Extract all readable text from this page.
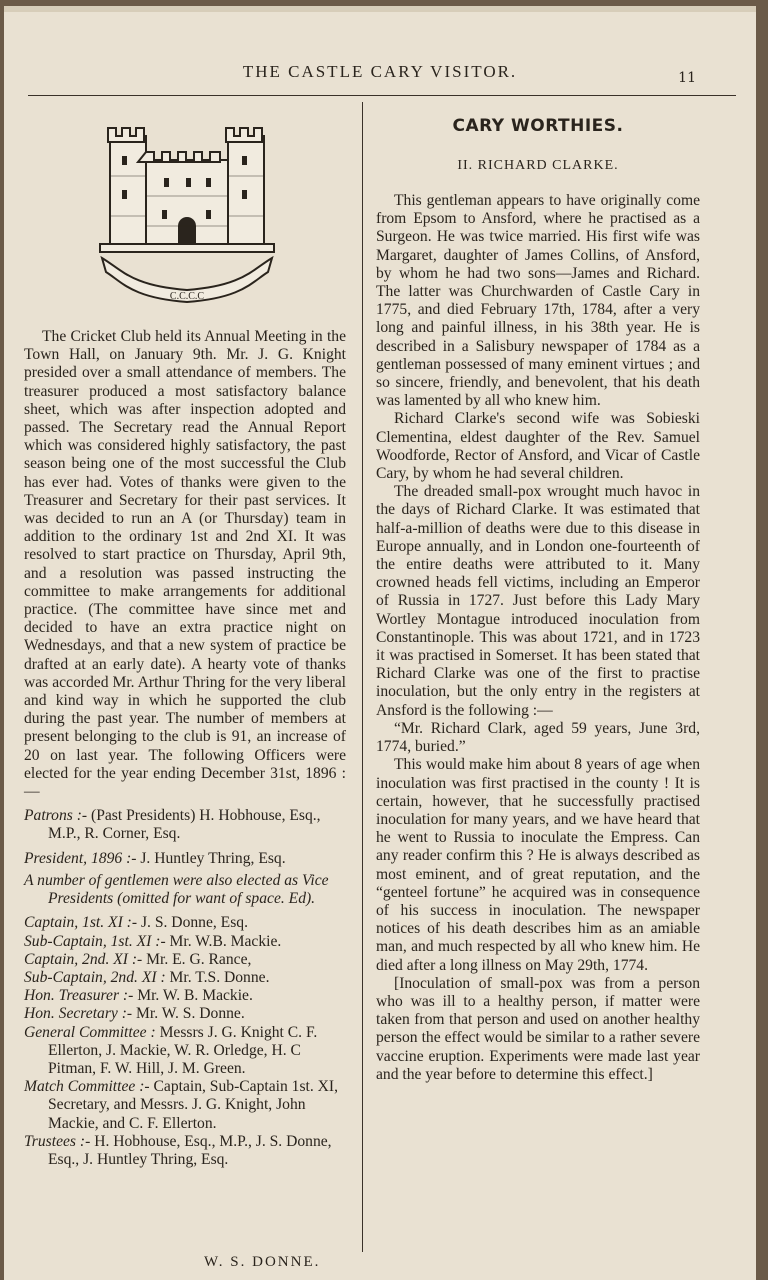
THE CASTLE CARY VISITOR.	11
C.C.C.C

The Cricket Club held its Annual Meeting in the Town Hall, on January 9th. Mr. J. G. Knight presided over a small attendance of members. The treasurer produced a most satisfactory balance sheet, which was after inspection adopted and passed. The Secretary read the Annual Report which was considered highly satisfactory, the past season being one of the most successful the Club has ever had. Votes of thanks were given to the Treasurer and Secretary for their past services. It was decided to run an A (or Thursday) team in addition to the ordinary 1st and 2nd XI. It was resolved to start practice on Thursday, April 9th, and a resolution was passed instructing the committee to make arrangements for additional practice. (The committee have since met and decided to have an extra practice night on Wednesdays, and that a new system of practice be drafted at an early date). A hearty vote of thanks was accorded Mr. Arthur Thring for the very liberal and kind way in which he supported the club during the past year. The number of members at present belonging to the club is 91, an increase of 20 on last year. The following Officers were elected for the year ending December 31st, 1896 :—

Patrons :- (Past Presidents) H. Hobhouse, Esq., M.P., R. Corner, Esq.
President, 1896 :- J. Huntley Thring, Esq.
A number of gentlemen were also elected as Vice Presidents (omitted for want of space. Ed).
Captain, 1st. XI :- J. S. Donne, Esq.
Sub-Captain, 1st. XI :- Mr. W.B. Mackie.
Captain, 2nd. XI :- Mr. E. G. Rance,
Sub-Captain, 2nd. XI : Mr. T.S. Donne.
Hon. Treasurer :- Mr. W. B. Mackie.
Hon. Secretary :- Mr. W. S. Donne.
General Committee : Messrs J. G. Knight C. F. Ellerton, J. Mackie, W. R. Orledge, H. C Pitman, F. W. Hill, J. M. Green.
Match Committee :- Captain, Sub-Captain 1st. XI, Secretary, and Messrs. J. G. Knight, John Mackie, and C. F. Ellerton.
Trustees :- H. Hobhouse, Esq., M.P., J. S. Donne, Esq., J. Huntley Thring, Esq.
W. S. DONNE.
CARY WORTHIES.
II. RICHARD CLARKE.

This gentleman appears to have originally come from Epsom to Ansford, where he practised as a Surgeon. He was twice married. His first wife was Margaret, daughter of James Collins, of Ansford, by whom he had two sons—James and Richard. The latter was Churchwarden of Castle Cary in 1775, and died February 17th, 1784, after a very long and painful illness, in his 38th year. He is described in a Salisbury newspaper of 1784 as a gentleman possessed of many eminent virtues ; and so sincere, friendly, and benevolent, that his death was lamented by all who knew him.

Richard Clarke's second wife was Sobieski Clementina, eldest daughter of the Rev. Samuel Woodforde, Rector of Ansford, and Vicar of Castle Cary, by whom he had several children.

The dreaded small-pox wrought much havoc in the days of Richard Clarke. It was estimated that half-a-million of deaths were due to this disease in Europe annually, and in London one-fourteenth of the entire deaths were attributed to it. Many crowned heads fell victims, including an Emperor of Russia in 1727. Just before this Lady Mary Wortley Montague introduced inoculation from Constantinople. This was about 1721, and in 1723 it was practised in Somerset. It has been stated that Richard Clarke was one of the first to practise inoculation, but the only entry in the registers at Ansford is the following :—

“Mr. Richard Clark, aged 59 years, June 3rd, 1774, buried.”

This would make him about 8 years of age when inoculation was first practised in the county ! It is certain, however, that he successfully practised inoculation for many years, and we have heard that he went to Russia to inoculate the Empress. Can any reader confirm this ? He is always described as most eminent, and of great reputation, and the “genteel fortune” he acquired was in consequence of his success in inoculation. The newspaper notices of his death describes him as an amiable man, and much respected by all who knew him. He died after a long illness on May 29th, 1774.

[Inoculation of small-pox was from a person who was ill to a healthy person, if matter were taken from that person and used on another healthy person the effect would be similar to a rather severe vaccine eruption. Experiments were made last year and the year before to determine this effect.]
